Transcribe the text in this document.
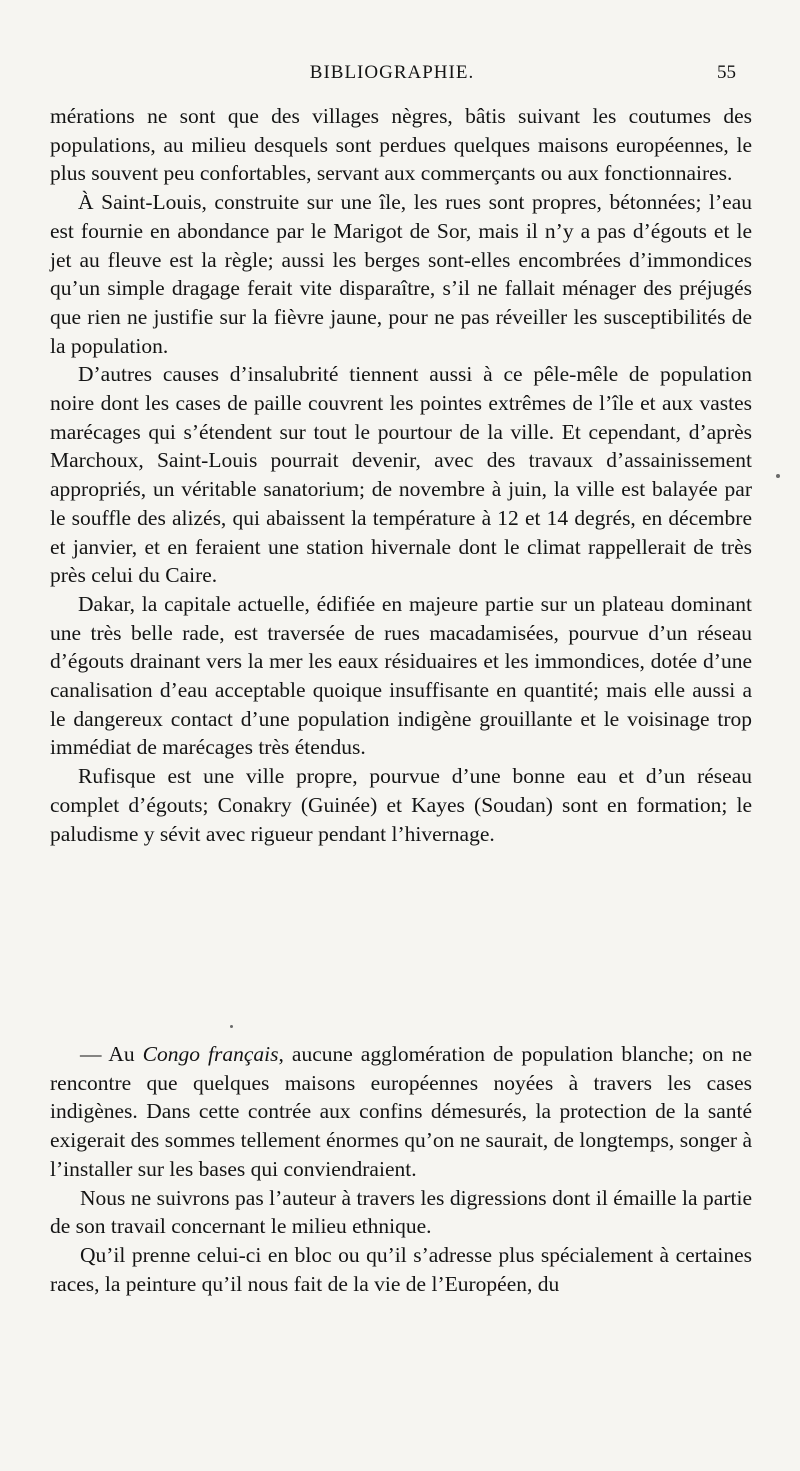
BIBLIOGRAPHIE.	55

mérations ne sont que des villages nègres, bâtis suivant les coutumes des populations, au milieu desquels sont perdues quelques maisons européennes, le plus souvent peu confortables, servant aux commerçants ou aux fonctionnaires.

À Saint-Louis, construite sur une île, les rues sont propres, bétonnées; l’eau est fournie en abondance par le Marigot de Sor, mais il n’y a pas d’égouts et le jet au fleuve est la règle; aussi les berges sont-elles encombrées d’immondices qu’un simple dragage ferait vite disparaître, s’il ne fallait ménager des préjugés que rien ne justifie sur la fièvre jaune, pour ne pas réveiller les susceptibilités de la population.

D’autres causes d’insalubrité tiennent aussi à ce pêle-mêle de population noire dont les cases de paille couvrent les pointes extrêmes de l’île et aux vastes marécages qui s’étendent sur tout le pourtour de la ville. Et cependant, d’après Marchoux, Saint-Louis pourrait devenir, avec des travaux d’assainissement appropriés, un véritable sanatorium; de novembre à juin, la ville est balayée par le souffle des alizés, qui abaissent la température à 12 et 14 degrés, en décembre et janvier, et en feraient une station hivernale dont le climat rappellerait de très près celui du Caire.

Dakar, la capitale actuelle, édifiée en majeure partie sur un plateau dominant une très belle rade, est traversée de rues macadamisées, pourvue d’un réseau d’égouts drainant vers la mer les eaux résiduaires et les immondices, dotée d’une canalisation d’eau acceptable quoique insuffisante en quantité; mais elle aussi a le dangereux contact d’une population indigène grouillante et le voisinage trop immédiat de marécages très étendus.

Rufisque est une ville propre, pourvue d’une bonne eau et d’un réseau complet d’égouts; Conakry (Guinée) et Kayes (Soudan) sont en formation; le paludisme y sévit avec rigueur pendant l’hivernage.

— Au Congo français, aucune agglomération de population blanche; on ne rencontre que quelques maisons européennes noyées à travers les cases indigènes. Dans cette contrée aux confins démesurés, la protection de la santé exigerait des sommes tellement énormes qu’on ne saurait, de longtemps, songer à l’installer sur les bases qui conviendraient.

Nous ne suivrons pas l’auteur à travers les digressions dont il émaille la partie de son travail concernant le milieu ethnique.

Qu’il prenne celui-ci en bloc ou qu’il s’adresse plus spécialement à certaines races, la peinture qu’il nous fait de la vie de l’Européen, du
